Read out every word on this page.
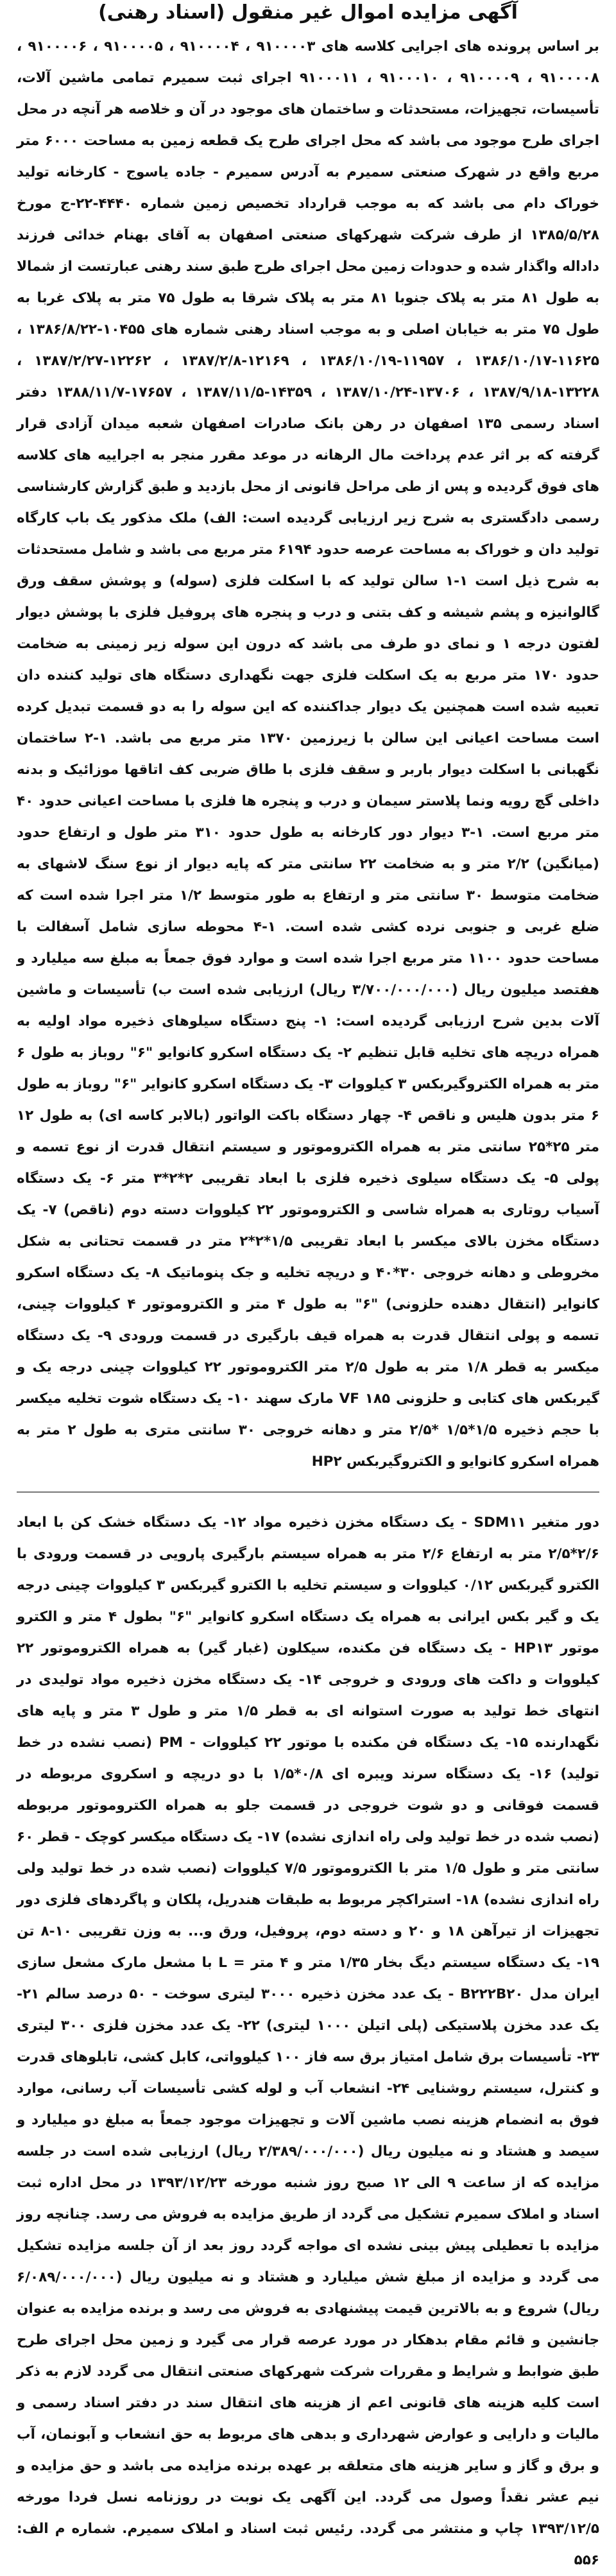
آگهی مزایده اموال غیر منقول (اسناد رهنی)
بر اساس پرونده های اجرایی کلاسه های ۹۱۰۰۰۰۳ ، ۹۱۰۰۰۰۴ ، ۹۱۰۰۰۰۵ ، ۹۱۰۰۰۰۶ ، ۹۱۰۰۰۰۸ ، ۹۱۰۰۰۰۹ ، ۹۱۰۰۰۱۰ ، ۹۱۰۰۰۱۱ اجرای ثبت سمیرم تمامی ماشین آلات، تأسیسات، تجهیزات، مستحدثات و ساختمان های موجود در آن و خلاصه هر آنچه در محل اجرای طرح موجود می باشد که محل اجرای طرح یک قطعه زمین به مساحت ۶۰۰۰ متر مربع واقع در شهرک صنعتی سمیرم به آدرس سمیرم - جاده یاسوج - کارخانه تولید خوراک دام می باشد که به موجب قرارداد تخصیص زمین شماره ۴۴۴۰-۲۲-ج مورخ ۱۳۸۵/۵/۲۸ از طرف شرکت شهرکهای صنعتی اصفهان به آقای بهنام خدائی فرزند داداله واگذار شده و حدودات زمین محل اجرای طرح طبق سند رهنی عبارتست از شمالا به طول ۸۱ متر به پلاک جنوبا ۸۱ متر به پلاک شرقا به طول ۷۵ متر به پلاک غربا به طول ۷۵ متر به خیابان اصلی و به موجب اسناد رهنی شماره های ۱۰۴۵۵-۱۳۸۶/۸/۲۲ ، ۱۱۶۲۵-۱۳۸۶/۱۰/۱۷ ، ۱۱۹۵۷-۱۳۸۶/۱۰/۱۹ ، ۱۲۱۶۹-۱۳۸۷/۲/۸ ، ۱۲۲۶۲-۱۳۸۷/۲/۲۷ ، ۱۳۲۲۸-۱۳۸۷/۹/۱۸ ، ۱۳۷۰۶-۱۳۸۷/۱۰/۲۴ ، ۱۴۳۵۹-۱۳۸۷/۱۱/۵ ، ۱۷۶۵۷-۱۳۸۸/۱۱/۷ دفتر اسناد رسمی ۱۳۵ اصفهان در رهن بانک صادرات اصفهان شعبه میدان آزادی قرار گرفته که بر اثر عدم پرداخت مال الرهانه در موعد مقرر منجر به اجراییه های کلاسه های فوق گردیده و پس از طی مراحل قانونی از محل بازدید و طبق گزارش کارشناسی رسمی دادگستری به شرح زیر ارزیابی گردیده است: الف) ملک مذکور یک باب کارگاه تولید دان و خوراک به مساحت عرصه حدود ۶۱۹۴ متر مربع می باشد و شامل مستحدثات به شرح ذیل است ۱-۱ سالن تولید که با اسکلت فلزی (سوله) و پوشش سقف ورق گالوانیزه و پشم شیشه و کف بتنی و درب و پنجره های پروفیل فلزی با پوشش دیوار لفتون درجه ۱ و نمای دو طرف می باشد که درون این سوله زیر زمینی به ضخامت حدود ۱۷۰ متر مربع به یک اسکلت فلزی جهت نگهداری دستگاه های تولید کننده دان تعبیه شده است همچنین یک دیوار جداکننده که این سوله را به دو قسمت تبدیل کرده است مساحت اعیانی این سالن با زیرزمین ۱۳۷۰ متر مربع می باشد. ۱-۲ ساختمان نگهبانی با اسکلت دیوار باربر و سقف فلزی با طاق ضربی کف اتاقها موزائیک و بدنه داخلی گچ رویه ونما پلاستر سیمان و درب و پنجره ها فلزی با مساحت اعیانی حدود ۴۰ متر مربع است. ۱-۳ دیوار دور کارخانه به طول حدود ۳۱۰ متر طول و ارتفاع حدود (میانگین) ۲/۲ متر و به ضخامت ۲۲ سانتی متر که پایه دیوار از نوع سنگ لاشهای به ضخامت متوسط ۳۰ سانتی متر و ارتفاع به طور متوسط ۱/۲ متر اجرا شده است که ضلع غربی و جنوبی نرده کشی شده است. ۱-۴ محوطه سازی شامل آسفالت با مساحت حدود ۱۱۰۰ متر مربع اجرا شده است و موارد فوق جمعاً به مبلغ سه میلیارد و هفتصد میلیون ریال (۳/۷۰۰/۰۰۰/۰۰۰ ریال) ارزیابی شده است ب) تأسیسات و ماشین آلات بدین شرح ارزیابی گردیده است: ۱- پنج دستگاه سیلوهای ذخیره مواد اولیه به همراه دریچه های تخلیه قابل تنظیم ۲- یک دستگاه اسکرو کانوایو "۶" روباز به طول ۶ متر به همراه الکتروگیربکس ۳ کیلووات ۳- یک دستگاه اسکرو کانوایر "۶" روباز به طول ۶ متر بدون هلیس و ناقص ۴- چهار دستگاه باکت الواتور (بالابر کاسه ای) به طول ۱۲ متر ۲۵*۲۵ سانتی متر به همراه الکتروموتور و سیستم انتقال قدرت از نوع تسمه و پولی ۵- یک دستگاه سیلوی ذخیره فلزی با ابعاد تقریبی ۲*۲*۳ متر ۶- یک دستگاه آسیاب روتاری به همراه شاسی و الکتروموتور ۲۲ کیلووات دسته دوم (ناقص) ۷- یک دستگاه مخزن بالای میکسر با ابعاد تقریبی ۱/۵*۲*۲ متر در قسمت تحتانی به شکل مخروطی و دهانه خروجی ۳۰*۴۰ و دریچه تخلیه و جک پنوماتیک ۸- یک دستگاه اسکرو کانوایر (انتقال دهنده حلزونی) "۶" به طول ۴ متر و الکتروموتور ۴ کیلووات چینی، تسمه و پولی انتقال قدرت به همراه قیف بارگیری در قسمت ورودی ۹- یک دستگاه میکسر به قطر ۱/۸ متر به طول ۲/۵ متر الکتروموتور ۲۲ کیلووات چینی درجه یک و گیربکس های کتابی و حلزونی VF ۱۸۵ مارک سهند ۱۰- یک دستگاه شوت تخلیه میکسر با حجم ذخیره ۱/۵*۱/۵ *۲/۵ متر و دهانه خروجی ۳۰ سانتی متری به طول ۲ متر به همراه اسکرو کانوایو و الکتروگیربکس HP۲
دور متغیر SDM۱۱ - یک دستگاه مخزن ذخیره مواد ۱۲- یک دستگاه خشک کن با ابعاد ۲/۶*۲/۵ متر به ارتفاع ۲/۶ متر به همراه سیستم بارگیری پارویی در قسمت ورودی با الکترو گیربکس ۰/۱۲ کیلووات و سیستم تخلیه با الکترو گیربکس ۳ کیلووات چینی درجه یک و گیر بکس ایرانی به همراه یک دستگاه اسکرو کانوایر "۶" بطول ۴ متر و الکترو موتور HP۱۳ - یک دستگاه فن مکنده، سیکلون (غبار گیر) به همراه الکتروموتور ۲۲ کیلووات و داکت های ورودی و خروجی ۱۴- یک دستگاه مخزن ذخیره مواد تولیدی در انتهای خط تولید به صورت استوانه ای به قطر ۱/۵ متر و طول ۳ متر و پایه های نگهدارنده ۱۵- یک دستگاه فن مکنده با موتور ۲۲ کیلووات - PM (نصب نشده در خط تولید) ۱۶- یک دستگاه سرند ویبره ای ۰/۸*۱/۵ با دو دریچه و اسکروی مربوطه در قسمت فوقانی و دو شوت خروجی در قسمت جلو به همراه الکتروموتور مربوطه (نصب شده در خط تولید ولی راه اندازی نشده) ۱۷- یک دستگاه میکسر کوچک - قطر ۶۰ سانتی متر و طول ۱/۵ متر با الکتروموتور ۷/۵ کیلووات (نصب شده در خط تولید ولی راه اندازی نشده) ۱۸- استراکچر مربوط به طبقات هندریل، پلکان و پاگردهای فلزی دور تجهیزات از تیرآهن ۱۸ و ۲۰ و دسته دوم، پروفیل، ورق و... به وزن تقریبی ۱۰-۸ تن ۱۹- یک دستگاه سیستم دیگ بخار ۱/۳۵ متر و ۴ متر = L با مشعل مارک مشعل سازی ایران مدل B۲۲۲B۲۰ - یک عدد مخزن ذخیره ۳۰۰۰ لیتری سوخت - ۵۰ درصد سالم ۲۱- یک عدد مخزن پلاستیکی (پلی اتیلن ۱۰۰۰ لیتری) ۲۲- یک عدد مخزن فلزی ۳۰۰ لیتری ۲۳- تأسیسات برق شامل امتیاز برق سه فاز ۱۰۰ کیلوواتی، کابل کشی، تابلوهای قدرت و کنترل، سیستم روشنایی ۲۴- انشعاب آب و لوله کشی تأسیسات آب رسانی، موارد فوق به انضمام هزینه نصب ماشین آلات و تجهیزات موجود جمعاً به مبلغ دو میلیارد و سیصد و هشتاد و نه میلیون ریال (۲/۳۸۹/۰۰۰/۰۰۰ ریال) ارزیابی شده است در جلسه مزایده که از ساعت ۹ الی ۱۲ صبح روز شنبه مورخه ۱۳۹۳/۱۲/۲۳ در محل اداره ثبت اسناد و املاک سمیرم تشکیل می گردد از طریق مزایده به فروش می رسد. چنانچه روز مزایده با تعطیلی پیش بینی نشده ای مواجه گردد روز بعد از آن جلسه مزایده تشکیل می گردد و مزایده از مبلغ شش میلیارد و هشتاد و نه میلیون ریال (۶/۰۸۹/۰۰۰/۰۰۰ ریال) شروع و به بالاترین قیمت پیشنهادی به فروش می رسد و برنده مزایده به عنوان جانشین و قائم مقام بدهکار در مورد عرصه قرار می گیرد و زمین محل اجرای طرح طبق ضوابط و شرایط و مقررات شرکت شهرکهای صنعتی انتقال می گردد لازم به ذکر است کلیه هزینه های قانونی اعم از هزینه های انتقال سند در دفتر اسناد رسمی و مالیات و دارایی و عوارض شهرداری و بدهی های مربوط به حق انشعاب و آبونمان، آب و برق و گاز و سایر هزینه های متعلقه بر عهده برنده مزایده می باشد و حق مزایده و نیم عشر نقداً وصول می گردد. این آگهی یک نوبت در روزنامه نسل فردا مورخه ۱۳۹۳/۱۲/۵ چاپ و منتشر می گردد. رئیس ثبت اسناد و املاک سمیرم. شماره م الف: ۵۵۶
